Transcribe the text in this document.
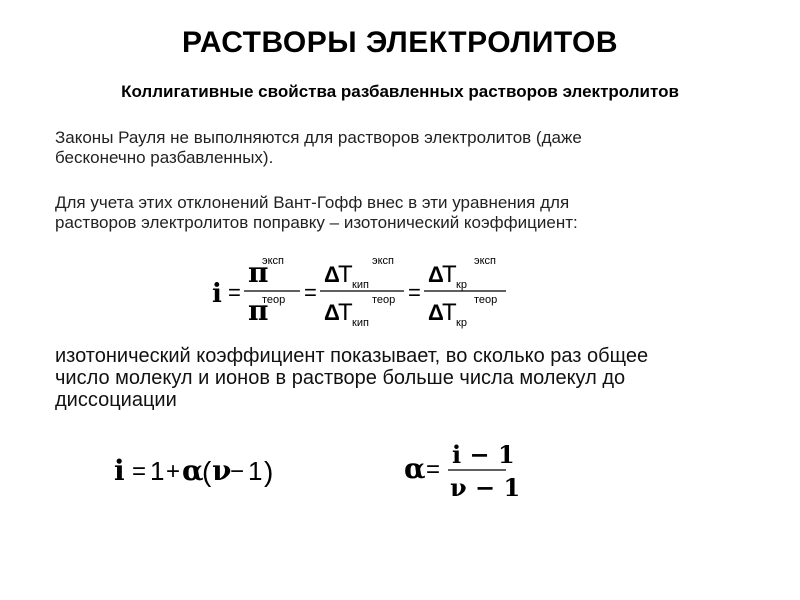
РАСТВОРЫ ЭЛЕКТРОЛИТОВ
Коллигативные свойства разбавленных растворов электролитов
Законы Рауля не выполняются для растворов электролитов (даже
бесконечно разбавленных).
Для учета этих отклонений Вант-Гофф внес в эти уравнения для
растворов электролитов поправку – изотонический коэффициент:
i =
π
эксп
π
теор =
Δ
T кип
эксп
Δ
T кип
теор =
Δ
T кр
эксп
Δ
T кр
теор
изотонический коэффициент показывает, во сколько раз общее
число молекул и ионов в растворе больше числа молекул до
диссоциации
i = 1 + α
( ν
− 1 )	α =
i − 1
ν − 1
